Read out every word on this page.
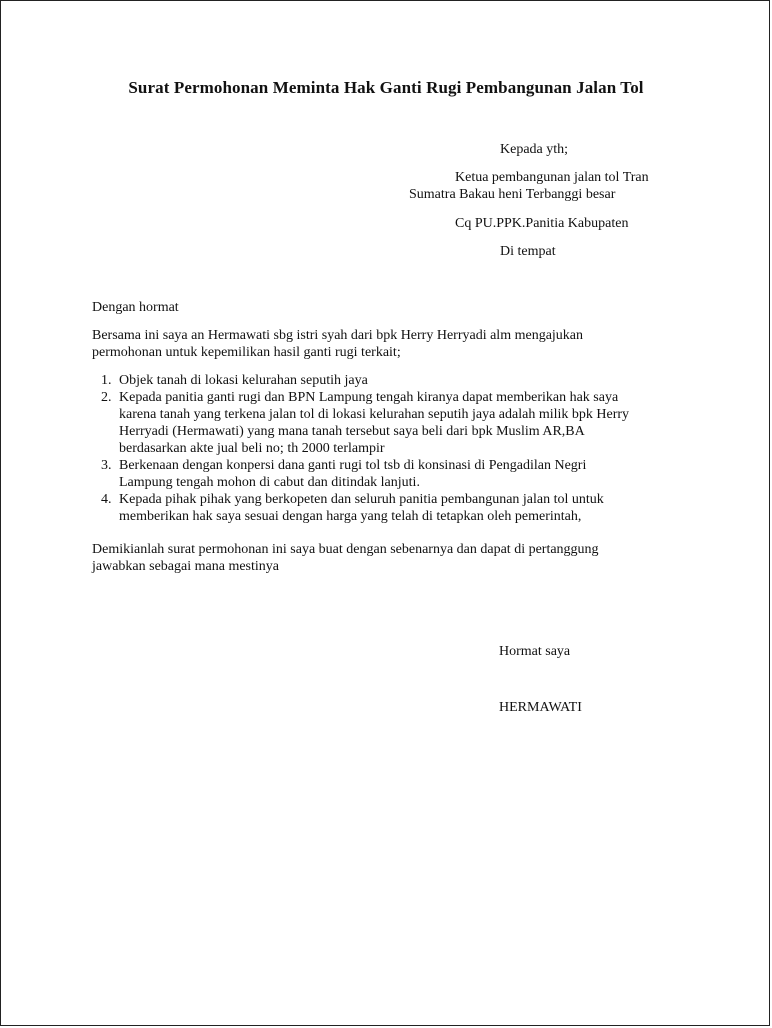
Surat Permohonan Meminta Hak Ganti Rugi Pembangunan Jalan Tol
Kepada yth;
Ketua pembangunan jalan tol Tran
Sumatra Bakau heni Terbanggi besar
Cq PU.PPK.Panitia Kabupaten
Di tempat
Dengan hormat
Bersama ini saya an Hermawati sbg istri syah dari bpk Herry Herryadi alm mengajukan
permohonan untuk kepemilikan hasil ganti rugi terkait;
1. Objek tanah di lokasi kelurahan seputih jaya
2. Kepada panitia ganti rugi dan BPN Lampung tengah kiranya dapat memberikan hak saya
karena tanah yang terkena jalan tol di lokasi kelurahan seputih jaya adalah milik bpk Herry
Herryadi (Hermawati) yang mana tanah tersebut saya beli dari bpk Muslim AR,BA
berdasarkan akte jual beli no; th 2000 terlampir
3. Berkenaan dengan konpersi dana ganti rugi tol tsb di konsinasi di Pengadilan Negri
Lampung tengah mohon di cabut dan ditindak lanjuti.
4. Kepada pihak pihak yang berkopeten dan seluruh panitia pembangunan jalan tol untuk
memberikan hak saya sesuai dengan harga yang telah di tetapkan oleh pemerintah,
Demikianlah surat permohonan ini saya buat dengan sebenarnya dan dapat di pertanggung
jawabkan sebagai mana mestinya
Hormat saya
HERMAWATI
